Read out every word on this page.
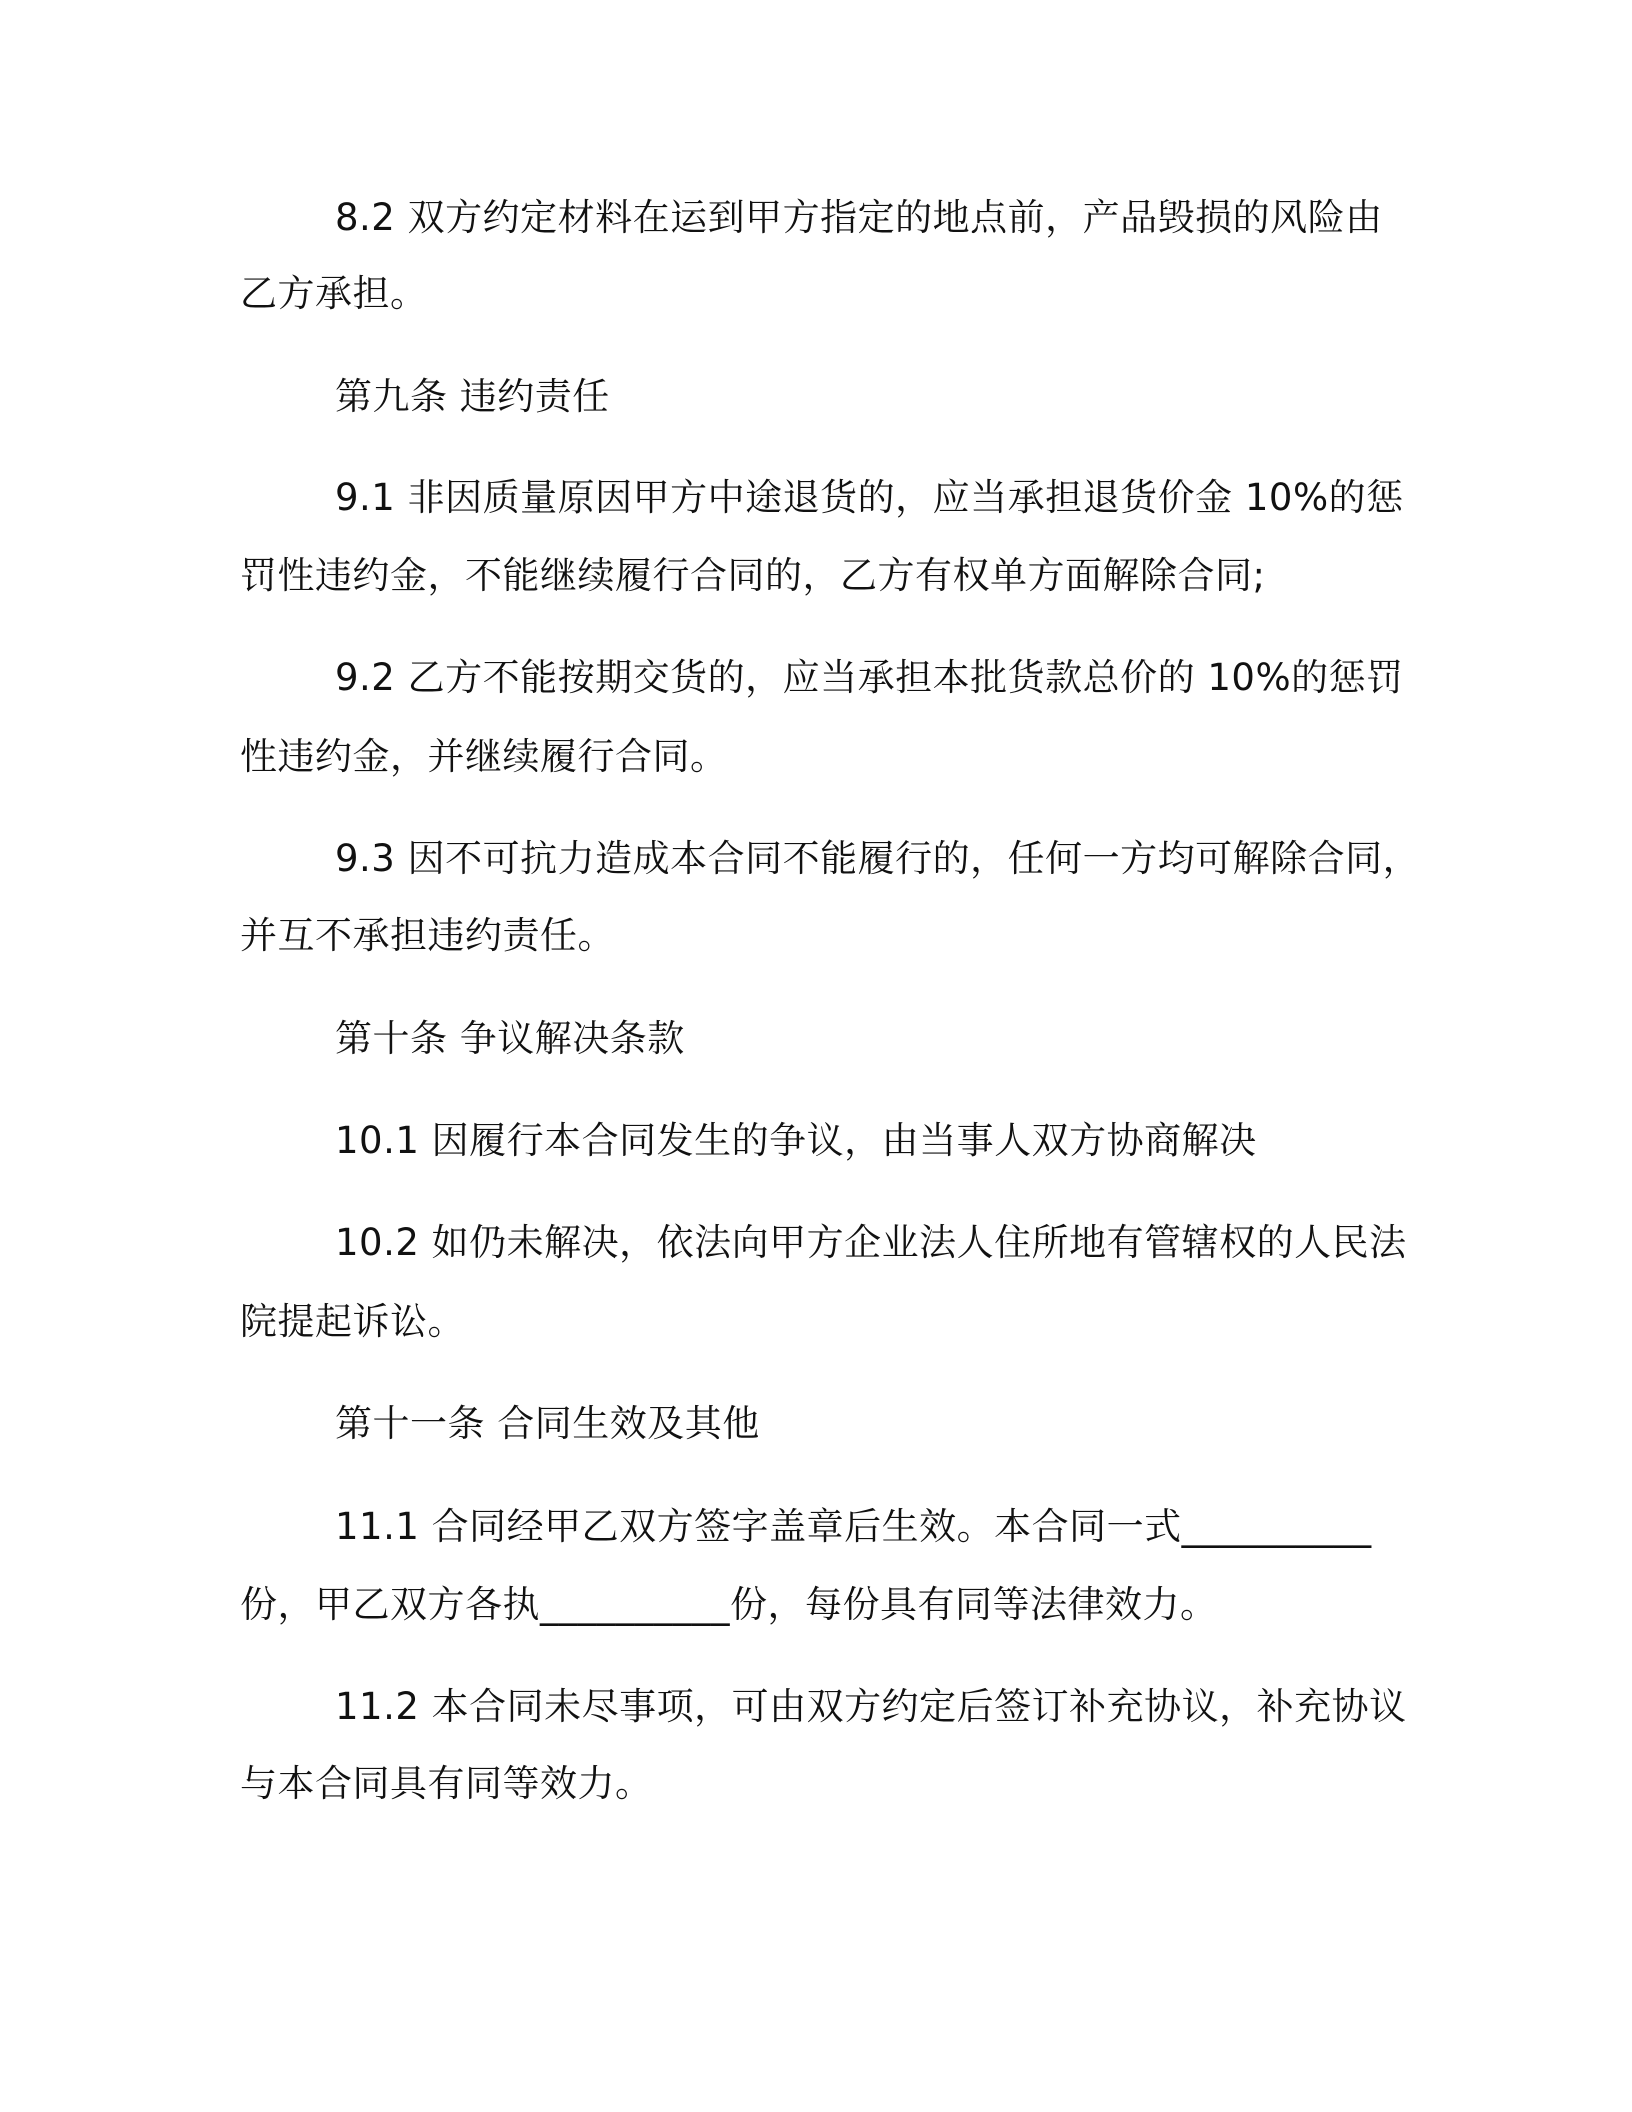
8.2 双方约定材料在运到甲方指定的地点前，产品毁损的风险由
乙方承担。
第九条 违约责任
9.1 非因质量原因甲方中途退货的，应当承担退货价金 10%的惩
罚性违约金，不能继续履行合同的，乙方有权单方面解除合同;
9.2 乙方不能按期交货的，应当承担本批货款总价的 10%的惩罚
性违约金，并继续履行合同。
9.3 因不可抗力造成本合同不能履行的，任何一方均可解除合同，
并互不承担违约责任。
第十条 争议解决条款
10.1 因履行本合同发生的争议，由当事人双方协商解决
10.2 如仍未解决，依法向甲方企业法人住所地有管辖权的人民法
院提起诉讼。
第十一条 合同生效及其他
11.1 合同经甲乙双方签字盖章后生效。本合同一式__________
份，甲乙双方各执__________份，每份具有同等法律效力。
11.2 本合同未尽事项，可由双方约定后签订补充协议，补充协议
与本合同具有同等效力。
